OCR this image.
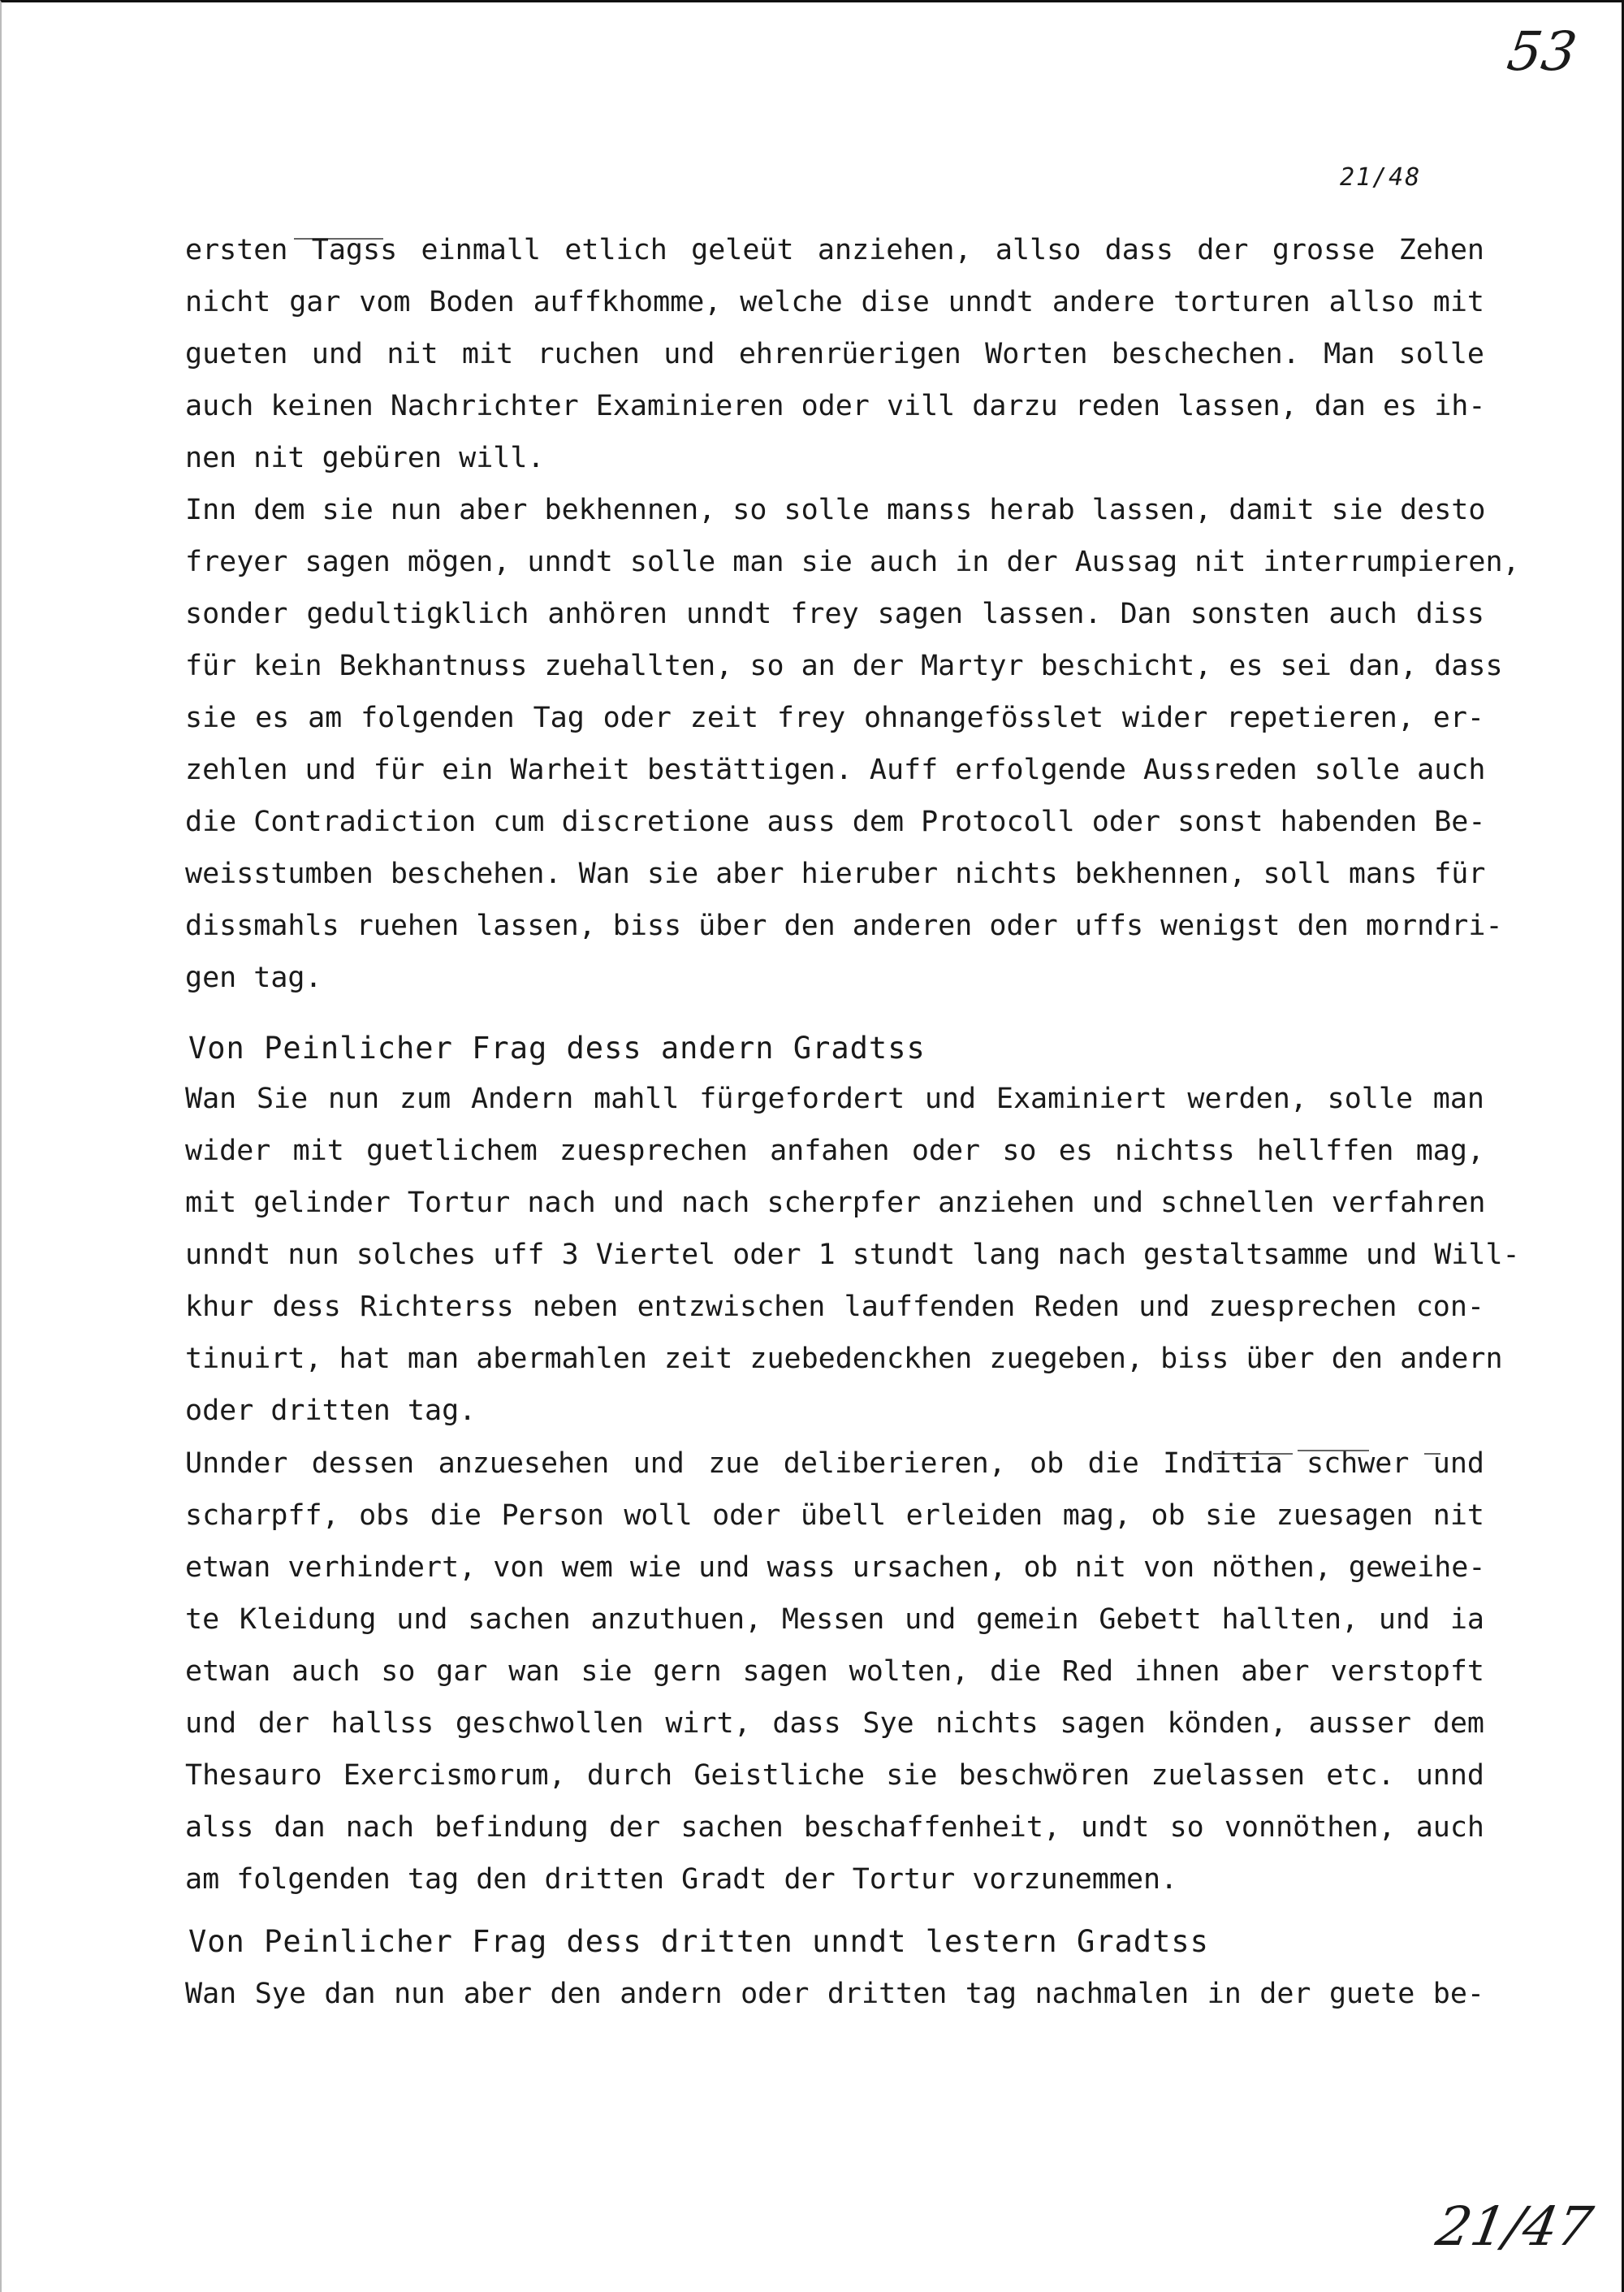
53
21/48
ersten Tagss einmall etlich geleüt anziehen, allso dass der grosse Zehen
nicht gar vom Boden auffkhomme, welche dise unndt andere torturen allso mit
gueten und nit mit ruchen und ehrenrüerigen Worten beschechen. Man solle
auch keinen Nachrichter Examinieren oder vill darzu reden lassen, dan es ih-
nen nit gebüren will.
Inn dem sie nun aber bekhennen, so solle manss herab lassen, damit sie desto
freyer sagen mögen, unndt solle man sie auch in der Aussag nit interrumpieren,
sonder gedultigklich anhören unndt frey sagen lassen. Dan sonsten auch diss
für kein Bekhantnuss zuehallten, so an der Martyr beschicht, es sei dan, dass
sie es am folgenden Tag oder zeit frey ohnangefösslet wider repetieren, er-
zehlen und für ein Warheit bestättigen. Auff erfolgende Aussreden solle auch
die Contradiction cum discretione auss dem Protocoll oder sonst habenden Be-
weisstumben beschehen. Wan sie aber hieruber nichts bekhennen, soll mans für
dissmahls ruehen lassen, biss über den anderen oder uffs wenigst den morndri-
gen tag.
Von Peinlicher Frag dess andern Gradtss
Wan Sie nun zum Andern mahll fürgefordert und Examiniert werden, solle man
wider mit guetlichem zuesprechen anfahen oder so es nichtss hellffen mag,
mit gelinder Tortur nach und nach scherpfer anziehen und schnellen verfahren
unndt nun solches uff 3 Viertel oder 1 stundt lang nach gestaltsamme und Will-
khur dess Richterss neben entzwischen lauffenden Reden und zuesprechen con-
tinuirt, hat man abermahlen zeit zuebedenckhen zuegeben, biss über den andern
oder dritten tag.
Unnder dessen anzuesehen und zue deliberieren, ob die Inditia schwer und
scharpff, obs die Person woll oder übell erleiden mag, ob sie zuesagen nit
etwan verhindert, von wem wie und wass ursachen, ob nit von nöthen, geweihe-
te Kleidung und sachen anzuthuen, Messen und gemein Gebett hallten, und ia
etwan auch so gar wan sie gern sagen wolten, die Red ihnen aber verstopft
und der hallss geschwollen wirt, dass Sye nichts sagen könden, ausser dem
Thesauro Exercismorum, durch Geistliche sie beschwören zuelassen etc. unnd
alss dan nach befindung der sachen beschaffenheit, undt so vonnöthen, auch
am folgenden tag den dritten Gradt der Tortur vorzunemmen.
Von Peinlicher Frag dess dritten unndt lestern Gradtss
Wan Sye dan nun aber den andern oder dritten tag nachmalen in der guete be-
21/47
